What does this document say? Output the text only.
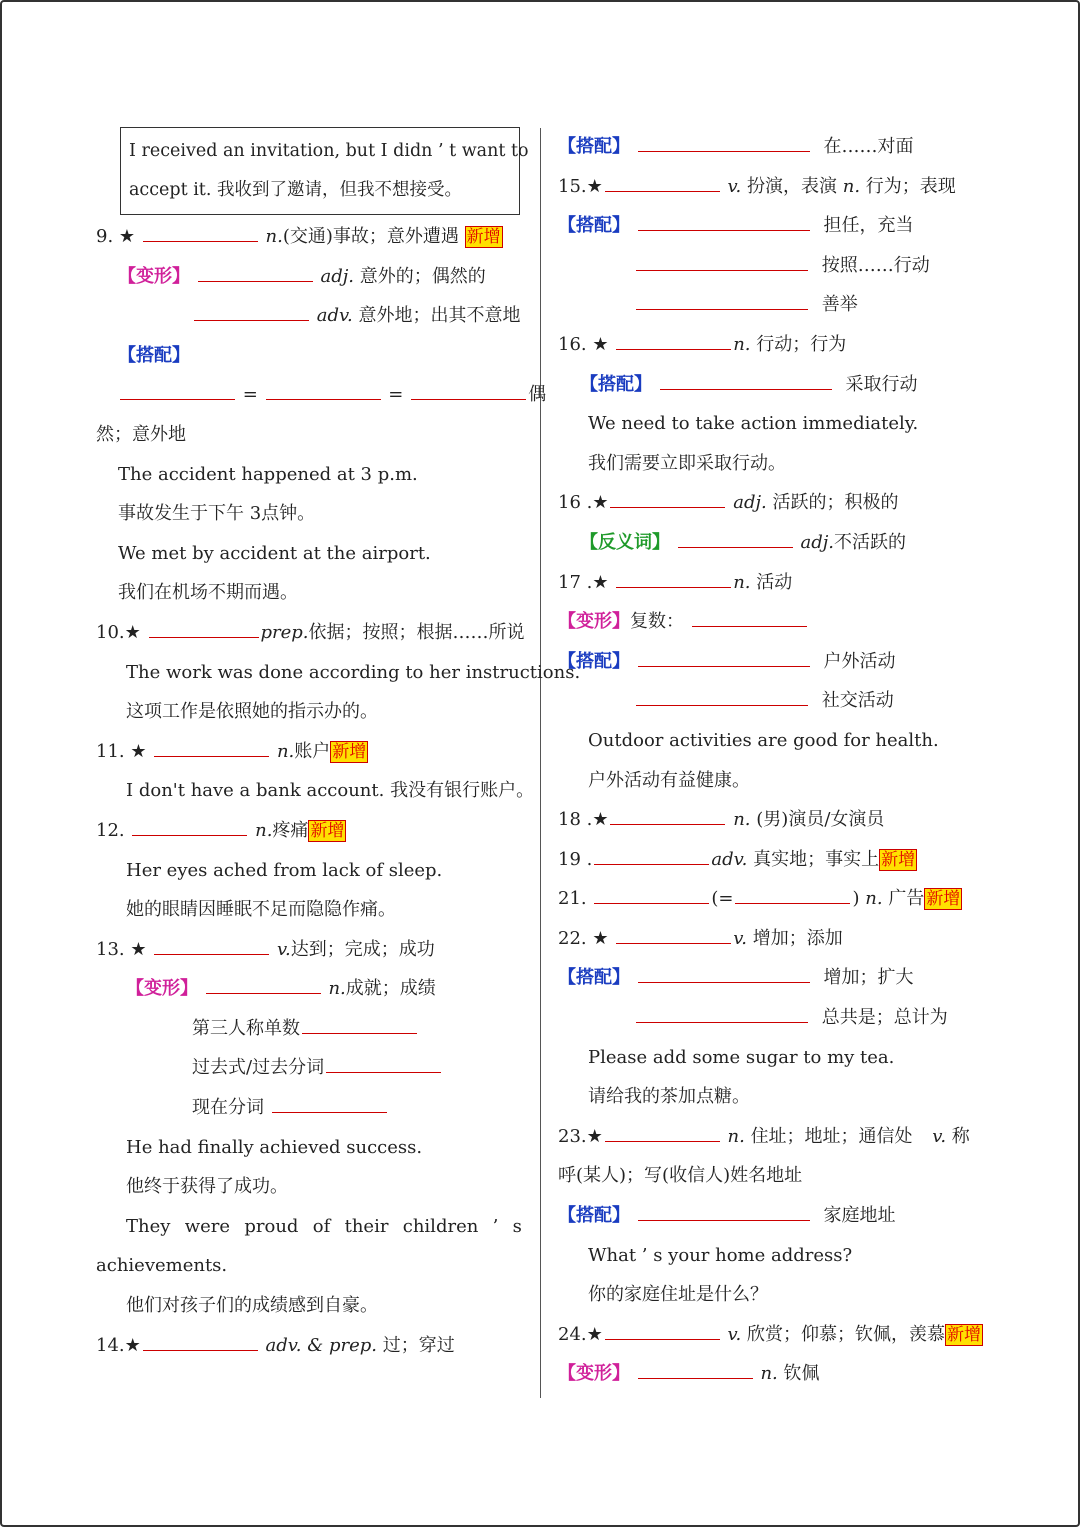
I received an invitation, but I didn ’ t want to
accept it. 我收到了邀请，但我不想接受。
9. ★	n.(交通)事故；意外遭遇 新增
【变形】	adj. 意外的；偶然的
adv. 意外地；出其不意地
【搭配】
=	=	偶
然；意外地
The accident happened at 3 p.m.
事故发生于下午 3点钟。
We met by accident at the airport.
我们在机场不期而遇。
10.★	prep.依据；按照；根据……所说
The work was done according to her instructions.
这项工作是依照她的指示办的。
11. ★	n.账户 新增
I don't have a bank account. 我没有银行账户。
12.	n.疼痛 新增
Her eyes ached from lack of sleep.
她的眼睛因睡眠不足而隐隐作痛。
13. ★	v.达到；完成；成功
【变形】	n.成就；成绩
第三人称单数
过去式/过去分词
现在分词
He had finally achieved success.
他终于获得了成功。
They were proud of their children ’ s
achievements.
他们对孩子们的成绩感到自豪。
14.★	adv. & prep. 过；穿过
【搭配】	在……对面
15.★	v. 扮演，表演 n. 行为；表现
【搭配】	担任，充当
按照……行动
善举
16. ★	n. 行动；行为
【搭配】	采取行动
We need to take action immediately.
我们需要立即采取行动。
16 .★	adj. 活跃的；积极的
【反义词】	adj.不活跃的
17 .★	n. 活动
【变形】复数：
【搭配】	户外活动
社交活动
Outdoor activities are good for health.
户外活动有益健康。
18 .★	n. (男)演员/女演员
19 .	adv. 真实地；事实上 新增
21.	(=	) n. 广告 新增
22. ★	v. 增加；添加
【搭配】	增加；扩大
总共是；总计为
Please add some sugar to my tea.
请给我的茶加点糖。
23.★	n. 住址；地址；通信处 v. 称
呼(某人)；写(收信人)姓名地址
【搭配】	家庭地址
What ’ s your home address?
你的家庭住址是什么？
24.★	v. 欣赏；仰慕；钦佩，羡慕 新增
【变形】	n. 钦佩
